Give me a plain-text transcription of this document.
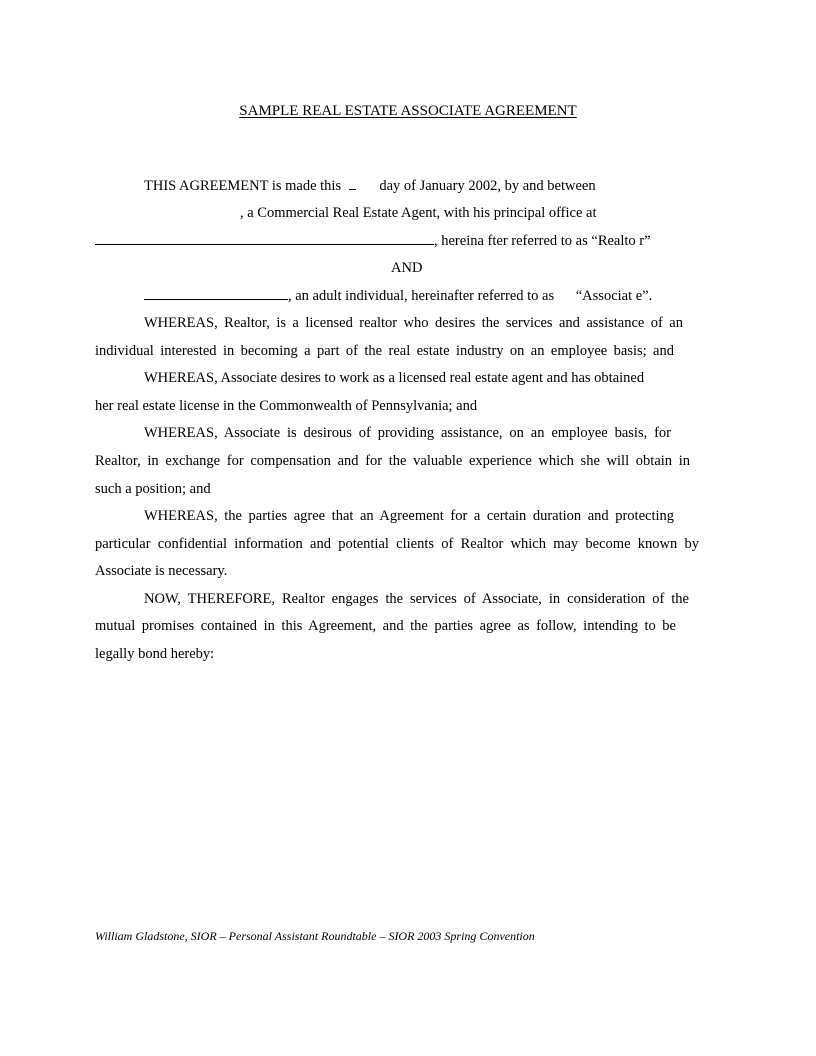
SAMPLE REAL ESTATE ASSOCIATE AGREEMENT
THIS AGREEMENT is made this	day of January 2002, by and between
, a Commercial Real Estate Agent, with his principal office at
, hereina fter referred to as “Realto r”
AND
, an adult individual, hereinafter referred to as “Associat e”.
WHEREAS, Realtor, is a licensed realtor who desires the services and assistance of an
individual interested in becoming a part of the real estate industry on an employee basis; and
WHEREAS, Associate desires to work as a licensed real estate agent and has obtained
her real estate license in the Commonwealth of Pennsylvania; and
WHEREAS, Associate is desirous of providing assistance, on an employee basis, for
Realtor, in exchange for compensation and for the valuable experience which she will obtain in
such a position; and
WHEREAS, the parties agree that an Agreement for a certain duration and protecting
particular confidential information and potential clients of Realtor which may become known by
Associate is necessary.
NOW, THEREFORE, Realtor engages the services of Associate, in consideration of the
mutual promises contained in this Agreement, and the parties agree as follow, intending to be
legally bond hereby:
William Gladstone, SIOR – Personal Assistant Roundtable – SIOR 2003 Spring Convention
